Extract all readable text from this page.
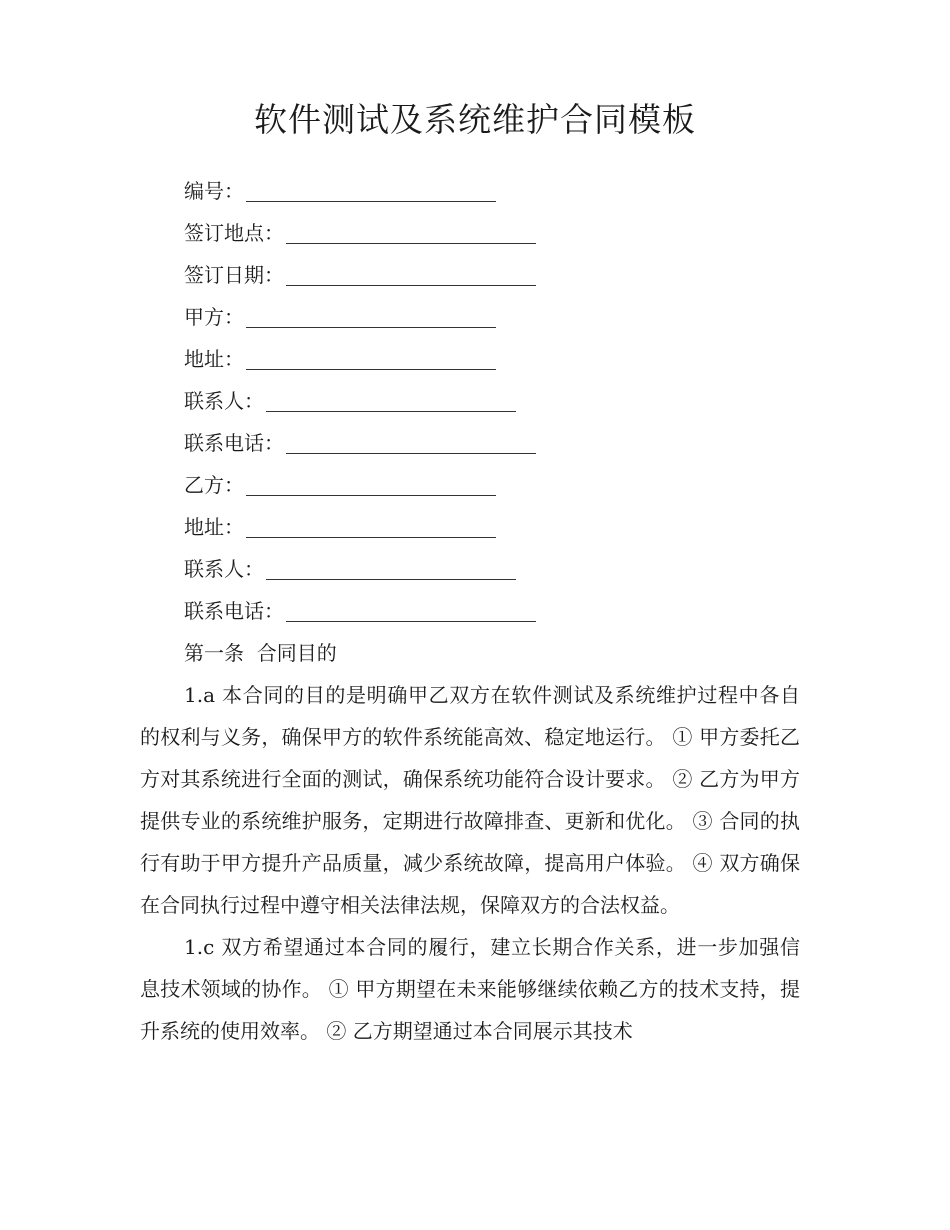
软件测试及系统维护合同模板
编号：
签订地点：
签订日期：
甲方：
地址：
联系人：
联系电话：
乙方：
地址：
联系人：
联系电话：
第一条  合同目的

1.a 本合同的目的是明确甲乙双方在软件测试及系统维护过程中各自的权利与义务，确保甲方的软件系统能高效、稳定地运行。 ① 甲方委托乙方对其系统进行全面的测试，确保系统功能符合设计要求。 ② 乙方为甲方提供专业的系统维护服务，定期进行故障排查、更新和优化。 ③ 合同的执行有助于甲方提升产品质量，减少系统故障，提高用户体验。 ④ 双方确保在合同执行过程中遵守相关法律法规，保障双方的合法权益。

1.c 双方希望通过本合同的履行，建立长期合作关系，进一步加强信息技术领域的协作。 ① 甲方期望在未来能够继续依赖乙方的技术支持，提升系统的使用效率。 ② 乙方期望通过本合同展示其技术
